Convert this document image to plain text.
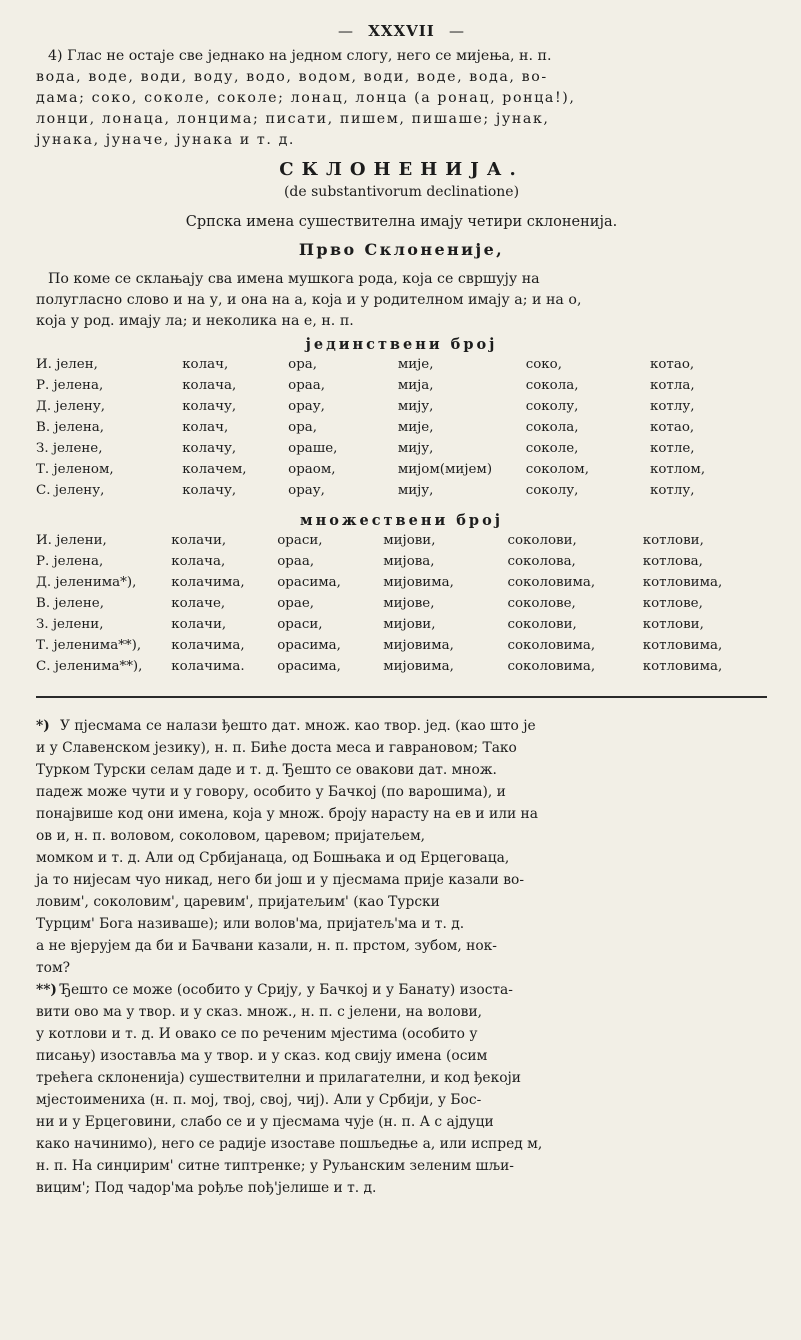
— XXXVII —

4) Глас не остаје све једнако на једном слогу, него се мијења, н. п.

вода, воде, води, воду, водо, водом, води, воде, вода, во-

дама; соко, соколе, соколе; лонац, лонца (а ронац, ронца!),

лонци, лонаца, лонцима; писати, пишем, пишаше; јунак,

јунака, јуначе, јунака и т. д.

СКЛОНЕНИЈА.

(de substantivorum declinatione)

Српска имена сушествителна имају четири склоненија.

Прво Склоненије,

По коме се склањају сва имена мушкога рода, која се свршују на

полугласно слово и на у, и она на а, која и у родителном имају а; и на о,

која у род. имају ла; и неколика на е, н. п.

јединствени број

И. јелен,	колач,	ора,	мије,	соко,	котао,
Р. јелена,	колача,	ораа,	мија,	сокола,	котла,
Д. јелену,	колачу,	орау,	мију,	соколу,	котлу,
В. јелена,	колач,	ора,	мије,	сокола,	котао,
З. јелене,	колачу,	ораше,	мију,	соколе,	котле,
Т. јеленом,	колачем,	ораом,	мијом(мијем)	соколом,	котлом,
С. јелену,	колачу,	орау,	мију,	соколу,	котлу,

множествени број

И. јелени,	колачи,	ораси,	мијови,	соколови,	котлови,
Р. јелена,	колача,	ораа,	мијова,	соколова,	котлова,
Д. јеленима*),	колачима,	орасима,	мијовима,	соколовима,	котловима,
В. јелене,	колаче,	орае,	мијове,	соколове,	котлове,
З. јелени,	колачи,	ораси,	мијови,	соколови,	котлови,
Т. јеленима**),	колачима,	орасима,	мијовима,	соколовима,	котловима,
С. јеленима**),	колачима.	орасима,	мијовима,	соколовима,	котловима,

*) У пјесмама се налази ђешто дат. множ. као твор. јед. (као што је

и у Славенском језику), н. п. Биће доста меса и гаврановом; Тако

Турком Турски селам даде и т. д. Ђешто се овакови дат. множ.

падеж може чути и у говору, особито у Бачкој (по варошима), и

понајвише код они имена, која у множ. броју нарасту на ев и или на

ов и, н. п. воловом, соколовом, царевом; пријатељем,

момком и т. д. Али од Србијанаца, од Бошњака и од Ерцеговаца,

ја то нијесам чуо никад, него би још и у пјесмама прије казали во-

ловим', соколовим', царевим', пријатељим' (као Турски

Турцим' Бога називаше); или волов'ма, пријатељ'ма и т. д.

а не вјерујем да би и Бачвани казали, н. п. прстом, зубом, нок-

том?

**) Ђешто се може (особито у Срију, у Бачкој и у Банату) изоста-

вити ово ма у твор. и у сказ. множ., н. п. с јелени, на волови,

у котлови и т. д. И овако се по реченим мјестима (особито у

писању) изоставља ма у твор. и у сказ. код свију имена (осим

трећега склоненија) сушествителни и прилагателни, и код ђекоји

мјестоимениха (н. п. мој, твој, свој, чиј). Али у Србији, у Бос-

ни и у Ерцеговини, слабо се и у пјесмама чује (н. п. А с ајдуци

како начинимо), него се радије изоставе пошљедње а, или испред м,

н. п. На синџирим' ситне типтренке; у Руљанским зеленим шљи-

вицим'; Под чадор'ма рођље пођ'јелише и т. д.
